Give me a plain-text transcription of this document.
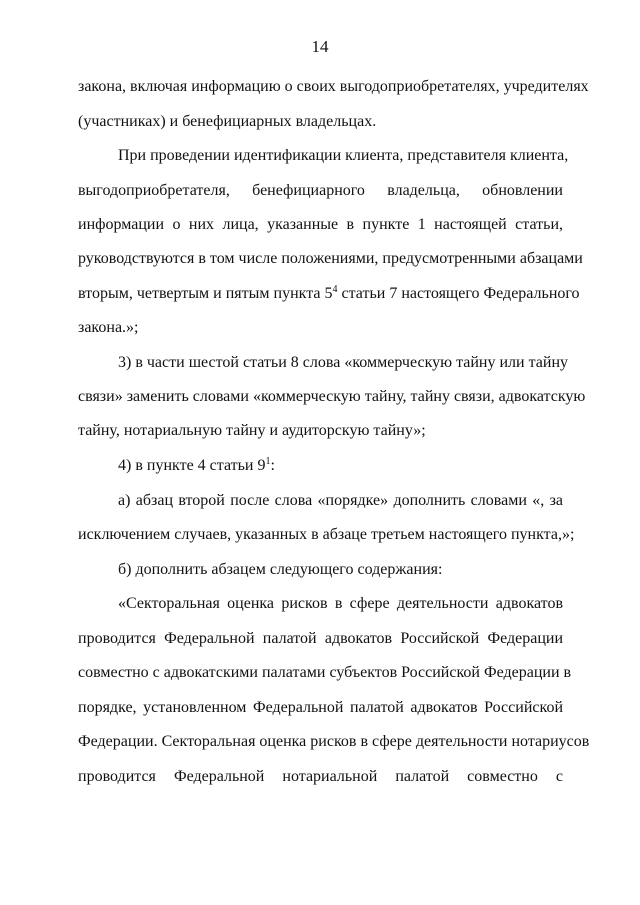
14
закона, включая информацию о своих выгодоприобретателях, учредителях
(участниках) и бенефициарных владельцах.
При проведении идентификации клиента, представителя клиента,
выгодоприобретателя, бенефициарного владельца, обновлении
информации о них лица, указанные в пункте 1 настоящей статьи,
руководствуются в том числе положениями, предусмотренными абзацами
вторым, четвертым и пятым пункта $5^4$ статьи 7 настоящего Федерального
закона.»;
3) в части шестой статьи 8 слова «коммерческую тайну или тайну
связи» заменить словами «коммерческую тайну, тайну связи, адвокатскую
тайну, нотариальную тайну и аудиторскую тайну»;
4) в пункте 4 статьи $9^1$:
а) абзац второй после слова «порядке» дополнить словами «, за
исключением случаев, указанных в абзаце третьем настоящего пункта,»;
б) дополнить абзацем следующего содержания:
«Секторальная оценка рисков в сфере деятельности адвокатов
проводится Федеральной палатой адвокатов Российской Федерации
совместно с адвокатскими палатами субъектов Российской Федерации в
порядке, установленном Федеральной палатой адвокатов Российской
Федерации. Секторальная оценка рисков в сфере деятельности нотариусов
проводится Федеральной нотариальной палатой совместно с
